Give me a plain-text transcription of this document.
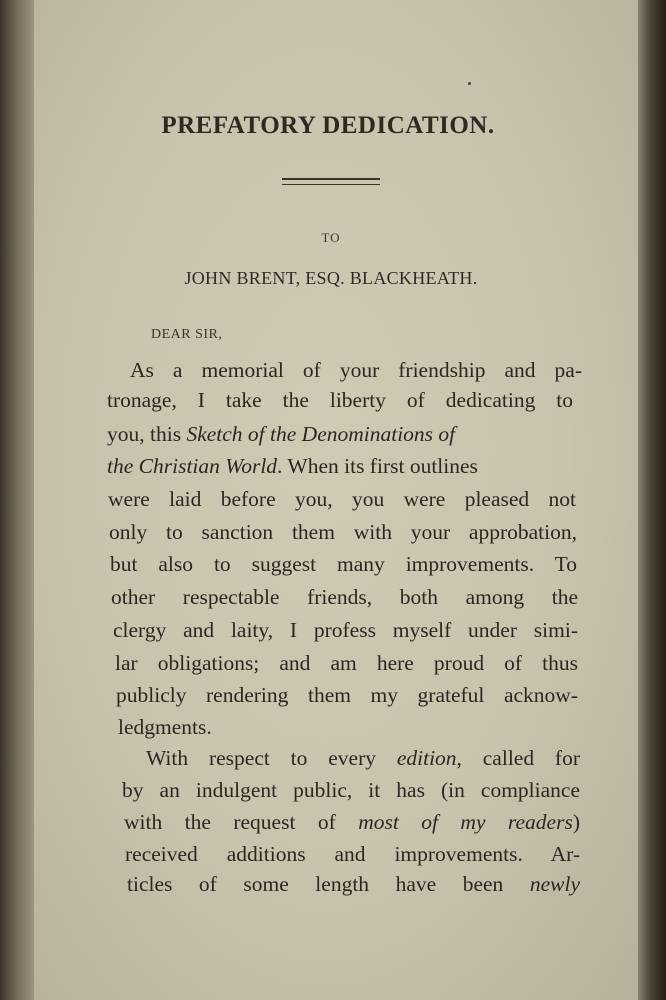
PREFATORY DEDICATION.
TO
JOHN BRENT, ESQ. BLACKHEATH.
DEAR SIR,
As a memorial of your friendship and pa-
tronage, I take the liberty of dedicating to
you, this Sketch of the Denominations of
the Christian World. When its first outlines
were laid before you, you were pleased not
only to sanction them with your approbation,
but also to suggest many improvements. To
other respectable friends, both among the
clergy and laity, I profess myself under simi-
lar obligations; and am here proud of thus
publicly rendering them my grateful acknow-
ledgments.
With respect to every edition, called for
by an indulgent public, it has (in compliance
with the request of most of my readers)
received additions and improvements. Ar-
ticles of some length have been newly
